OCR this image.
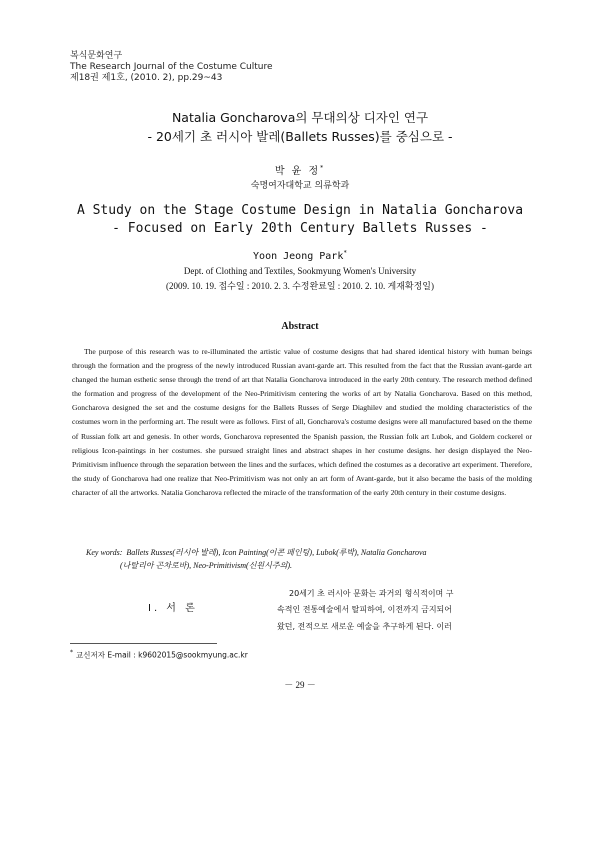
복식문화연구
The Research Journal of the Costume Culture
제18권 제1호, (2010. 2), pp.29~43
Natalia Goncharova의 무대의상 디자인 연구
- 20세기 초 러시아 발레(Ballets Russes)를 중심으로 -
박 윤 정*
숙명여자대학교 의류학과
A Study on the Stage Costume Design in Natalia Goncharova
- Focused on Early 20th Century Ballets Russes -
Yoon Jeong Park*
Dept. of Clothing and Textiles, Sookmyung Women's University
(2009. 10. 19. 접수일 : 2010. 2. 3. 수정완료일 : 2010. 2. 10. 게재확정일)
Abstract

The purpose of this research was to re-illuminated the artistic value of costume designs that had shared identical history with human beings through the formation and the progress of the newly introduced Russian avant-garde art. This resulted from the fact that the Russian avant-garde art changed the human esthetic sense through the trend of art that Natalia Goncharova introduced in the early 20th century. The research method defined the formation and progress of the development of the Neo-Primitivism centering the works of art by Natalia Goncharova. Based on this method, Goncharova designed the set and the costume designs for the Ballets Russes of Serge Diaghilev and studied the molding characteristics of the costumes worn in the performing art. The result were as follows. First of all, Goncharova's costume designs were all manufactured based on the theme of Russian folk art and genesis. In other words, Goncharova represented the Spanish passion, the Russian folk art Lubok, and Goldern cockerel or religious Icon-paintings in her costumes. she pursued straight lines and abstract shapes in her costume designs. her design displayed the Neo-Primitivism influence through the separation between the lines and the surfaces, which defined the costumes as a decorative art experiment. Therefore, the study of Goncharova had one realize that Neo-Primitivism was not only an art form of Avant-garde, but it also became the basis of the molding character of all the artworks. Natalia Goncharova reflected the miracle of the transformation of the early 20th century in their costume designs.

Key words: Ballets Russes(러시아 발레), Icon Painting(이콘 페인팅), Lubok(루박), Natalia Goncharova
(나탈리아 곤차로바), Neo-Primitivism(신원시주의).
Ⅰ. 서 론
20세기 초 러시아 문화는 과거의 형식적이며 구
속적인 전통예술에서 탈피하여, 이전까지 금지되어
왔던, 전적으로 새로운 예술을 추구하게 된다. 이러
* 교신저자 E-mail : k9602015@sookmyung.ac.kr
－ 29 －
